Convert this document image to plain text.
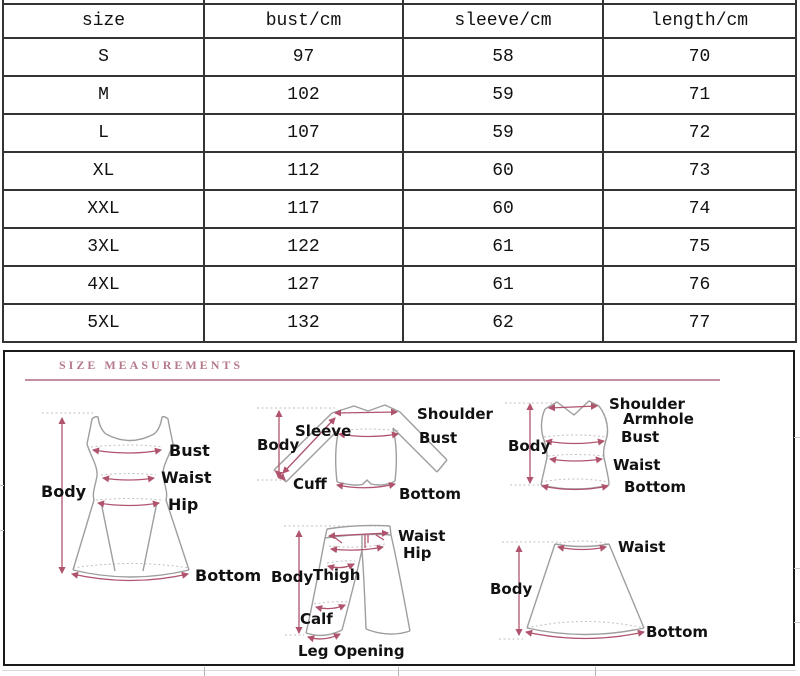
size	bust/cm	sleeve/cm	length/cm
S	97	58	70
M	102	59	71
L	107	59	72
XL	112	60	73
XXL	117	60	74
3XL	122	61	75
4XL	127	61	76
5XL	132	62	77
SIZE MEASUREMENTS
Body
Bust
Waist
Hip
Bottom
Shoulder
Sleeve
Body	Bust
Cuff
Bottom
Shoulder
Armhole
Bust
Body
Waist
Bottom
Waist
Hip
Body Thigh
Calf
Leg Opening
Waist
Body
Bottom
